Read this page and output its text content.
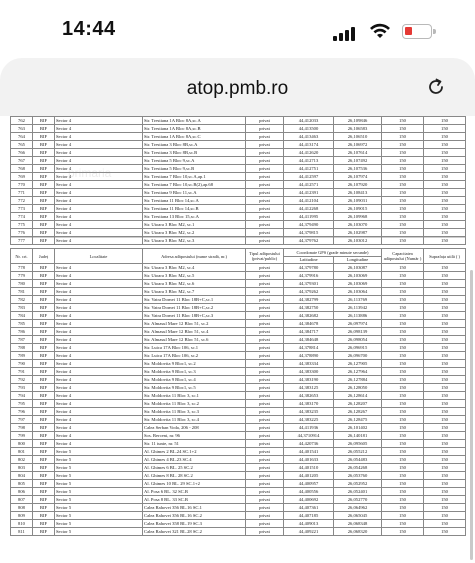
14:44
atop.pmb.ro
762	BIF	Sector 4	Str. Trestiana 1A Bloc 8A,sc.A	privat	44,412033	26,109846	150	150
763	BIF	Sector 4	Str. Trestiana 1A Bloc 8A,sc.B	privat	44,413500	26,106583	150	150
764	BIF	Sector 4	Str. Trestiana 1A Bloc 8A,sc.C	privat	44,413463	26,106510	150	150
765	BIF	Sector 4	Str. Trestiana 3 Bloc 8B,sc.A	privat	44,413174	26,106972	150	150
766	BIF	Sector 4	Str. Trestiana 3 Bloc 8B,sc.B	privat	44,412620	26,107614	150	150
767	BIF	Sector 4	Str. Trestiana 5 Bloc 9,sc.A	privat	44,412713	26,107492	150	150
768	BIF	Sector 4	Str. Trestiana 5 Bloc 9,sc.B	privat	44,412751	26,107536	150	150
769	BIF	Sector 4	Str. Trestiana 7 Bloc 10,sc.A,ap.1	privat	44,412597	26,107974	150	150
770	BIF	Sector 4	Str. Trestiana 7 Bloc 10,sc.B(2),ap.68	privat	44,412571	26,107920	150	150
771	BIF	Sector 4	Str. Trestiana 9 Bloc 11,sc.A	privat	44,412391	26,108413	150	150
772	BIF	Sector 4	Str. Trestiana 11 Bloc 14,sc.A	privat	44,412104	26,109031	150	150
773	BIF	Sector 4	Str. Trestiana 11 Bloc 14,sc.B	privat	44,412268	26,109015	150	150
774	BIF	Sector 4	Str. Trestiana 13 Bloc 15,sc.A	privat	44,411995	26,109968	150	150
775	BIF	Sector 4	Str. Uioara 3 Bloc M2, sc.1	privat	44,379490	26,103070	150	150
776	BIF	Sector 4	Str. Uioara 3 Bloc M2, sc.2	privat	44,379815	26,102987	150	150
777	BIF	Sector 4	Str. Uioara 3 Bloc M2, sc.3	privat	44,379762	26,103012	150	150
primaria
Nr. crt.	Județ	Localitate	Adresa adăpostului (nume stradă, nr.)	Tipul adăpostului (privat/public)	Coordonate GPS (grade minute secunde)		Capacitatea adăpostului (Număr )	Suprafața utilă ( )
					Latitudine	Longitudine		
778	BIF	Sector 4	Str. Uioara 3 Bloc M2, sc.4	privat	44,379780	26,103087	150	150
779	BIF	Sector 4	Str. Uioara 3 Bloc M2, sc.5	privat	44,379916	26,103069	150	150
780	BIF	Sector 4	Str. Uioara 3 Bloc M2, sc.6	privat	44,379301	26,103069	150	150
781	BIF	Sector 4	Str. Uioara 3 Bloc M2, sc.7	privat	44,379262	26,103064	150	150
782	BIF	Sector 4	Str. Vatra Dornei 11 Bloc 18B+C,sc.1	privat	44,382799	26,113769	150	150
783	BIF	Sector 4	Str. Vatra Dornei 11 Bloc 18B+C,sc.2	privat	44,382750	26,113942	150	150
784	BIF	Sector 4	Str. Vatra Dornei 11 Bloc 18B+C,sc.3	privat	44,382682	26,113886	150	150
785	BIF	Sector 4	Str. Almasul Mare 12 Bloc 51, sc.2	privat	44,384678	26,097974	150	150
786	BIF	Sector 4	Str. Almasul Mare 12 Bloc 51, sc.4	privat	44,384717	26,098139	150	150
787	BIF	Sector 4	Str. Almasul Mare 12 Bloc 51, sc.6	privat	44,384648	26,098054	150	150
788	BIF	Sector 4	Str. Luica 17A Bloc 106, sc.1	privat	44,378814	26,096915	150	150
789	BIF	Sector 4	Str. Luica 17A Bloc 106, sc.2	privat	44,378890	26,096700	150	150
790	BIF	Sector 4	Str. Moldovita 9 Bloc1, sc.2	privat	44,383334	26,127905	150	150
791	BIF	Sector 4	Str. Moldovita 9 Bloc1, sc.3	privat	44,383300	26,127964	150	150
792	BIF	Sector 4	Str. Moldovita 9 Bloc1, sc.4	privat	44,383190	26,127884	150	150
793	BIF	Sector 4	Str. Moldovita 9 Bloc1, sc.5	privat	44,383125	26,128050	150	150
794	BIF	Sector 4	Str. Moldovita 11 Bloc 3, sc.1	privat	44,382653	26,128614	150	150
795	BIF	Sector 4	Str. Moldovita 11 Bloc 3, sc.2	privat	44,383170	26,128207	150	150
796	BIF	Sector 4	Str. Moldovita 11 Bloc 3, sc.3	privat	44,383235	26,128267	150	150
797	BIF	Sector 4	Str. Moldovita 11 Bloc 3, sc.4	privat	44,383225	26,128475	150	150
798	BIF	Sector 4	Calea Serban Voda, 206 - 208	privat	44,411936	26,101402	150	150
799	BIF	Sector 4	Sos. Berceni, nr. 96	privat	44,3710914	26,140181	150	150
800	BIF	Sector 4	Str. 11 iunie, nr. 51	privat	44,420736	26,095605	150	150
801	BIF	Sector 5	Al. Ghimes 2 BL.24 SC.1+2	privat	44,401541	26,055212	150	150
802	BIF	Sector 5	Al. Ghimes 4 BL.23 SC.4	privat	44,401633	26,054483	150	150
803	BIF	Sector 5	Al. Ghimes 6 BL. 25 SC.2	privat	44,401510	26,054268	150	150
804	BIF	Sector 5	Al. Ghimes 8 BL. 28 SC.2	privat	44,401205	26,053760	150	150
805	BIF	Sector 5	Al. Ghimes 10 BL. 29 SC.1+2	privat	44,400957	26,052952	150	150
806	BIF	Sector 5	Al. Posa 6 BL. 32 SC.B	privat	44,400556	26,052401	150	150
807	BIF	Sector 5	Al. Posa 8 BL. 33 SC.B	privat	44,400692	26,052770	150	150
808	BIF	Sector 5	Calea Rahovei 356 BL.16 SC.1	privat	44,407361	26,064962	150	150
809	BIF	Sector 5	Calea Rahovei 356 BL.16 SC.2	privat	44,407185	26,065045	150	150
810	BIF	Sector 5	Calea Rahovei 358 BL.19 SC.3	privat	44,409013	26,068348	150	150
811	BIF	Sector 5	Calea Rahovei 321 BL.28 SC.2	privat	44,409221	26,068320	150	150
